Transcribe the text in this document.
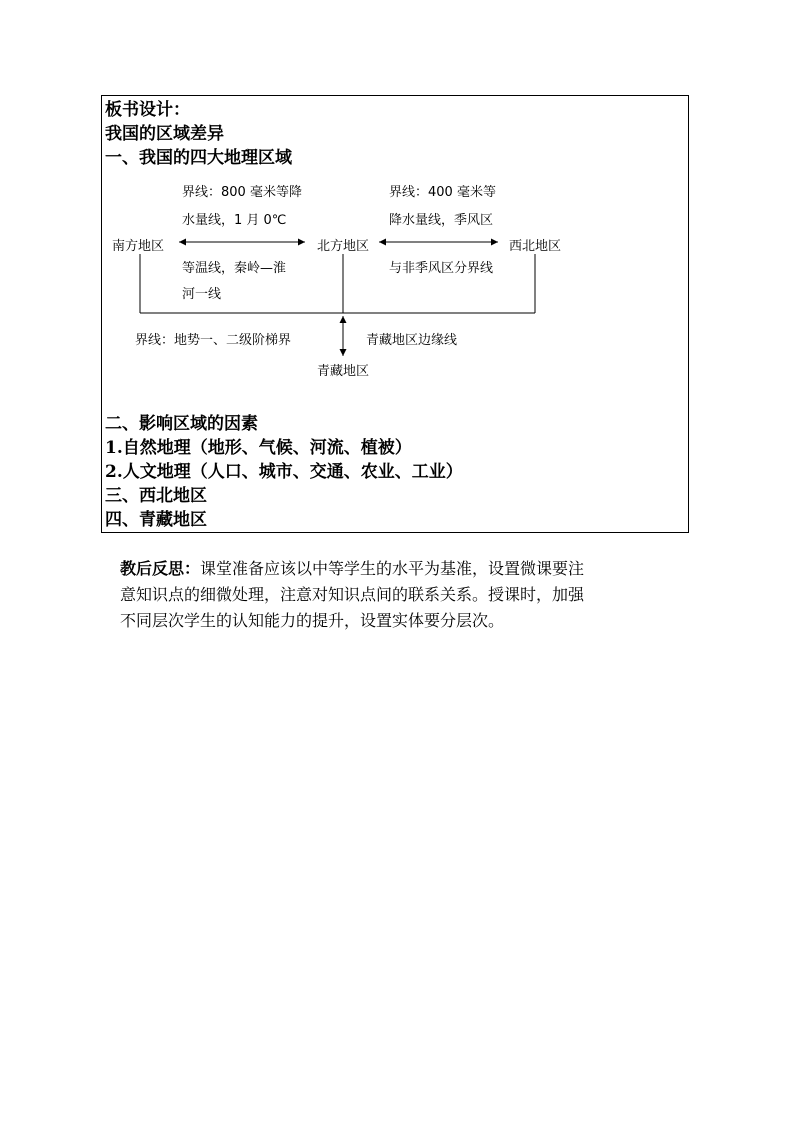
板书设计：
我国的区域差异
一、我国的四大地理区域
界线：800 毫米等降
水量线，1 月 0℃
等温线，秦岭—淮
河一线
界线：400 毫米等
降水量线，季风区
与非季风区分界线
南方地区	北方地区	西北地区
界线：地势一、二级阶梯界	青藏地区边缘线
青藏地区
二、影响区域的因素
1.自然地理（地形、气候、河流、植被）
2.人文地理（人口、城市、交通、农业、工业）
三、西北地区
四、青藏地区
教后反思：课堂准备应该以中等学生的水平为基准，设置微课要注
意知识点的细微处理，注意对知识点间的联系关系。授课时，加强
不同层次学生的认知能力的提升，设置实体要分层次。
